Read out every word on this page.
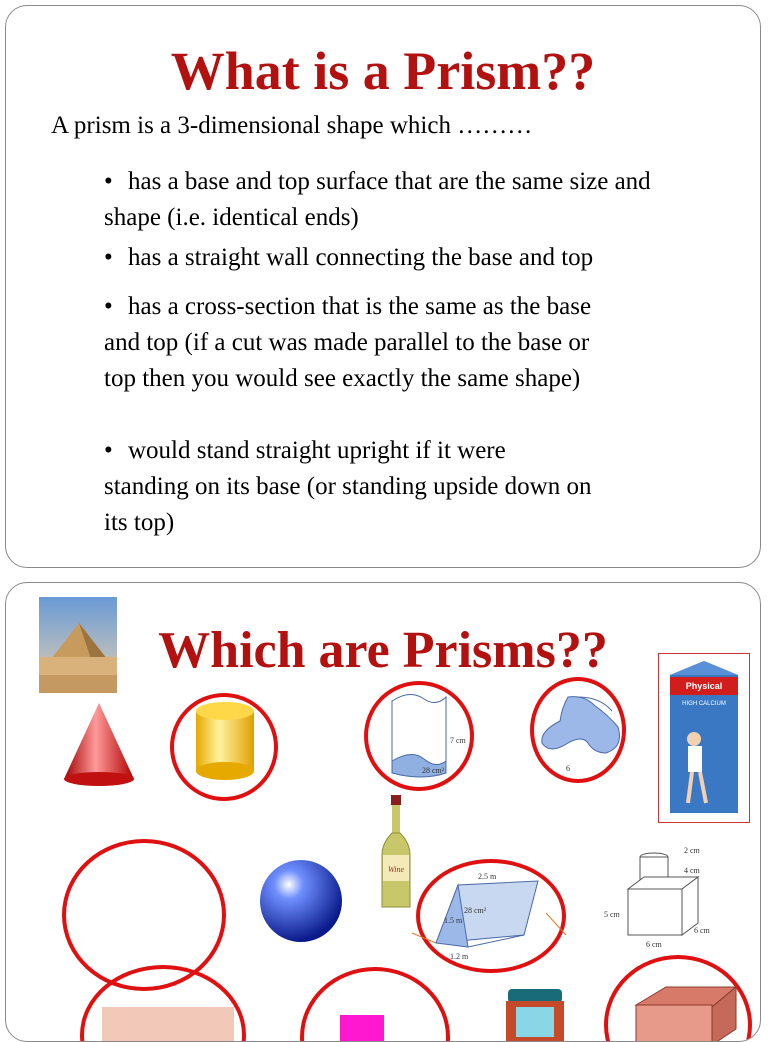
What is a Prism??

A prism is a 3-dimensional shape which ………

• has a base and top surface that are the same size and shape (i.e. identical ends)

• has a straight wall connecting the base and top

• has a cross-section that is the same as the base and top (if a cut was made parallel to the base or top then you would see exactly the same shape)

• would stand straight upright if it were standing on its base (or standing upside down on its top)

Which are Prisms??
7 cm
28 cm²	6
Physical
HIGH CALCIUM
Wine
2.5 m
1.5 m
1.2 m
28 cm²
2 cm
4 cm
5 cm
6 cm
6 cm
